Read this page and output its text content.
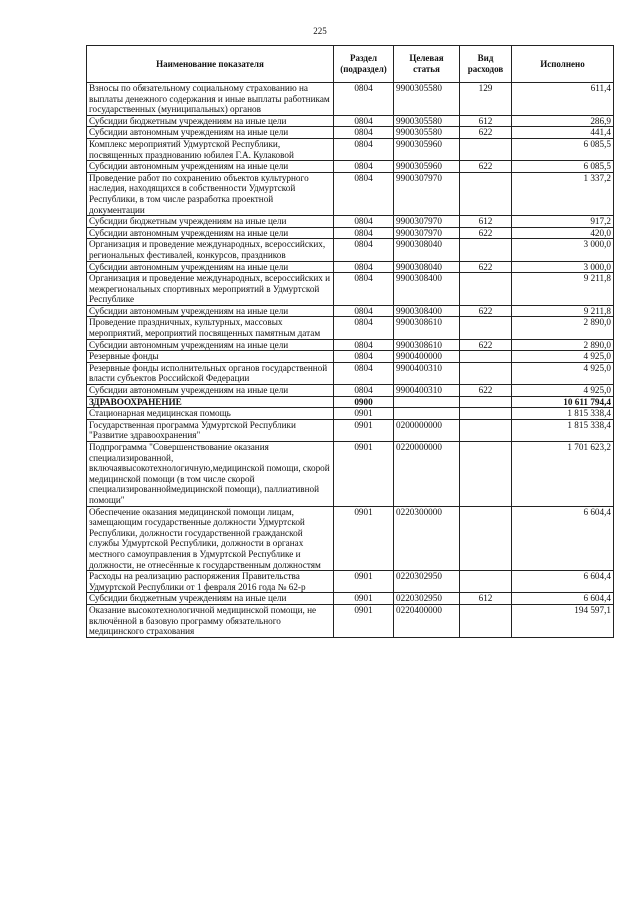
225
Наименование показателя	Раздел (подраздел)	Целевая статья	Вид расходов	Исполнено
Взносы по обязательному социальному страхованию на выплаты денежного содержания и иные выплаты работникам государственных (муниципальных) органов	0804	9900305580	129	611,4
Субсидии бюджетным учреждениям на иные цели	0804	9900305580	612	286,9
Субсидии автономным учреждениям на иные цели	0804	9900305580	622	441,4
Комплекс мероприятий Удмуртской Республики, посвященных празднованию юбилея Г.А. Кулаковой	0804	9900305960		6 085,5
Субсидии автономным учреждениям на иные цели	0804	9900305960	622	6 085,5
Проведение работ по сохранению объектов культурного наследия, находящихся в собственности Удмуртской Республики, в том числе разработка проектной документации	0804	9900307970		1 337,2
Субсидии бюджетным учреждениям на иные цели	0804	9900307970	612	917,2
Субсидии автономным учреждениям на иные цели	0804	9900307970	622	420,0
Организация и проведение международных, всероссийских, региональных фестивалей, конкурсов, праздников	0804	9900308040		3 000,0
Субсидии автономным учреждениям на иные цели	0804	9900308040	622	3 000,0
Организация и проведение международных, всероссийских и межрегиональных спортивных мероприятий в Удмуртской Республике	0804	9900308400		9 211,8
Субсидии автономным учреждениям на иные цели	0804	9900308400	622	9 211,8
Проведение праздничных, культурных, массовых мероприятий, мероприятий посвященных памятным датам	0804	9900308610		2 890,0
Субсидии автономным учреждениям на иные цели	0804	9900308610	622	2 890,0
Резервные фонды	0804	9900400000		4 925,0
Резервные фонды исполнительных органов государственной власти субъектов Российской Федерации	0804	9900400310		4 925,0
Субсидии автономным учреждениям на иные цели	0804	9900400310	622	4 925,0
ЗДРАВООХРАНЕНИЕ	0900			10 611 794,4
Стационарная медицинская помощь	0901			1 815 338,4
Государственная программа Удмуртской Республики "Развитие здравоохранения"	0901	0200000000		1 815 338,4
Подпрограмма "Совершенствование оказания специализированной, включаявысокотехнологичную,медицинской помощи, скорой медицинской помощи (в том числе скорой специализированноймедицинской помощи), паллиативной помощи"	0901	0220000000		1 701 623,2
Обеспечение оказания медицинской помощи лицам, замещающим государственные должности Удмуртской Республики, должности государственной гражданской службы Удмуртской Республики, должности в органах местного самоуправления в Удмуртской Республике и должности, не отнесённые к государственным должностям	0901	0220300000		6 604,4
Расходы на реализацию распоряжения Правительства Удмуртской Республики от 1 февраля 2016 года № 62-р	0901	0220302950		6 604,4
Субсидии бюджетным учреждениям на иные цели	0901	0220302950	612	6 604,4
Оказание высокотехнологичной медицинской помощи, не включённой в базовую программу обязательного медицинского страхования	0901	0220400000		194 597,1
